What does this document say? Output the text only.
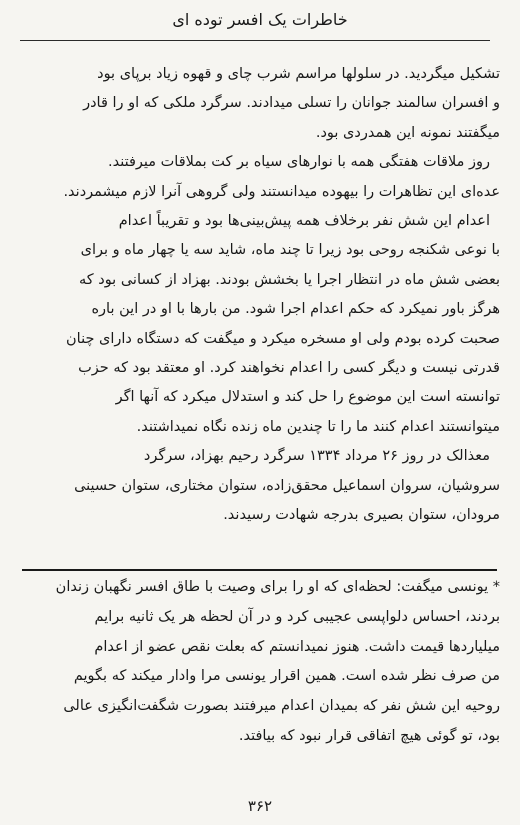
خاطرات یک افسر توده ای
تشکیل میگردید. در سلولها مراسم شرب چای و قهوه زیاد برپای بود
و افسران سالمند جوانان را تسلی میدادند. سرگرد ملکی که او را قادر
میگفتند نمونه این همدردی بود.
روز ملاقات هفتگی همه با نوارهای سیاه بر کت بملاقات میرفتند.
عده‌ای این تظاهرات را بیهوده میدانستند ولی گروهی آنرا لازم میشمردند.
اعدام این شش نفر برخلاف همه پیش‌بینی‌ها بود و تقریباً اعدام
با نوعی شکنجه روحی بود زیرا تا چند ماه، شاید سه یا چهار ماه و برای
بعضی شش ماه در انتظار اجرا یا بخشش بودند. بهزاد از کسانی بود که
هرگز باور نمیکرد که حکم اعدام اجرا شود. من بارها با او در این باره
صحبت کرده بودم ولی او مسخره میکرد و میگفت که دستگاه دارای چنان
قدرتی نیست و دیگر کسی را اعدام نخواهند کرد. او معتقد بود که حزب
توانسته است این موضوع را حل کند و استدلال میکرد که آنها اگر
میتوانستند اعدام کنند ما را تا چندین ماه زنده نگاه نمیداشتند.
معذالک در روز ۲۶ مرداد ۱۳۳۴ سرگرد رحیم بهزاد، سرگرد
سروشیان، سروان اسماعیل محقق‌زاده، ستوان مختاری، ستوان حسینی
مرودان، ستوان بصیری بدرجه شهادت رسیدند.
* یونسی میگفت: لحظه‌ای که او را برای وصیت با طاق افسر نگهبان زندان
بردند، احساس دلواپسی عجیبی کرد و در آن لحظه هر یک ثانیه برایم
میلیاردها قیمت داشت. هنوز نمیدانستم که بعلت نقص عضو از اعدام
من صرف نظر شده است. همین اقرار یونسی مرا وادار میکند که بگویم
روحیه این شش نفر که بمیدان اعدام میرفتند بصورت شگفت‌انگیزی عالی
بود، تو گوئی هیچ اتفاقی قرار نبود که بیافتد.
۳۶۲
